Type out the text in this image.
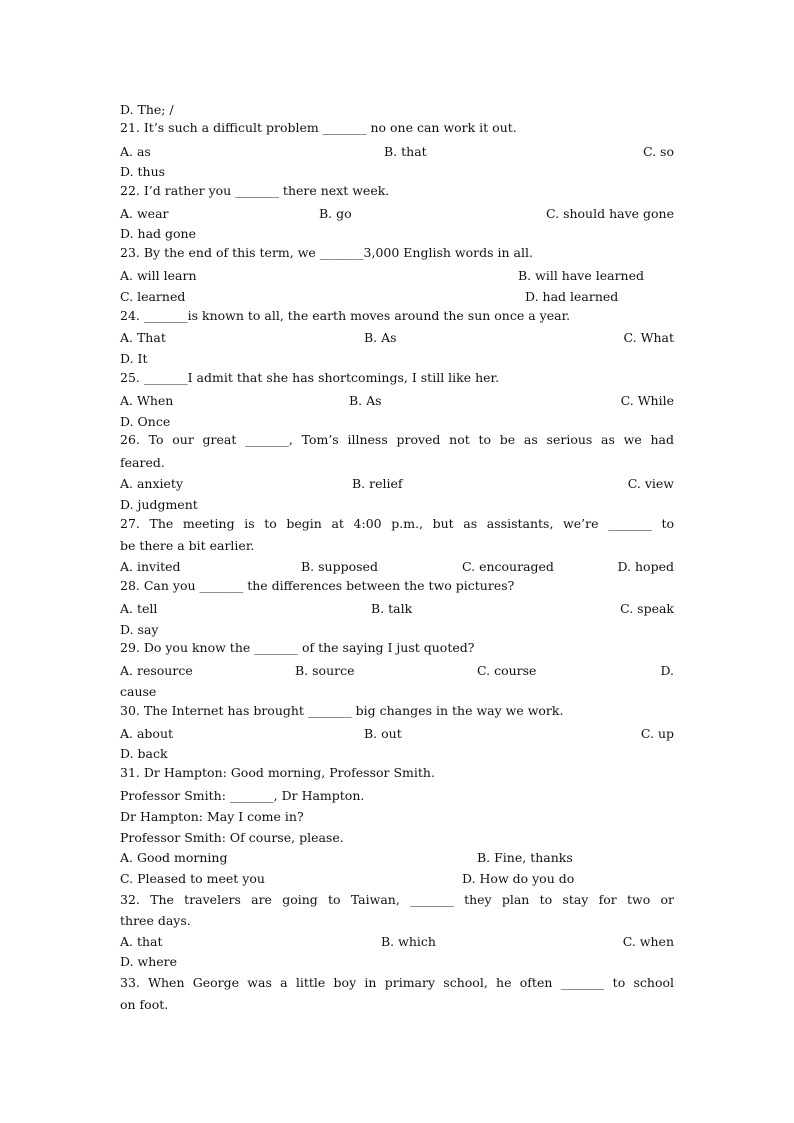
D. The; /
21. It’s such a difficult problem _______ no one can work it out.
A. as	B. that	C. so
D. thus
22. I’d rather you _______ there next week.
A. wear	B. go	C. should have gone
D. had gone
23. By the end of this term, we _______3,000 English words in all.
A. will learn	B. will have learned
C. learned	D. had learned
24. _______is known to all, the earth moves around the sun once a year.
A. That	B. As	C. What
D. It
25. _______I admit that she has shortcomings, I still like her.
A. When	B. As	C. While
D. Once
26. To our great _______, Tom’s illness proved not to be as serious as we had
feared.
A. anxiety	B. relief	C. view
D. judgment
27. The meeting is to begin at 4:00 p.m., but as assistants, we’re _______ to
be there a bit earlier.
A. invited	B. supposed	C. encouraged	D. hoped
28. Can you _______ the differences between the two pictures?
A. tell	B. talk	C. speak
D. say
29. Do you know the _______ of the saying I just quoted?
A. resource	B. source	C. course	D.
cause
30. The Internet has brought _______ big changes in the way we work.
A. about	B. out	C. up
D. back
31. Dr Hampton: Good morning, Professor Smith.
Professor Smith: _______, Dr Hampton.
Dr Hampton: May I come in?
Professor Smith: Of course, please.
A. Good morning	B. Fine, thanks
C. Pleased to meet you	D. How do you do
32. The travelers are going to Taiwan, _______ they plan to stay for two or
three days.
A. that	B. which	C. when
D. where
33. When George was a little boy in primary school, he often _______ to school
on foot.
